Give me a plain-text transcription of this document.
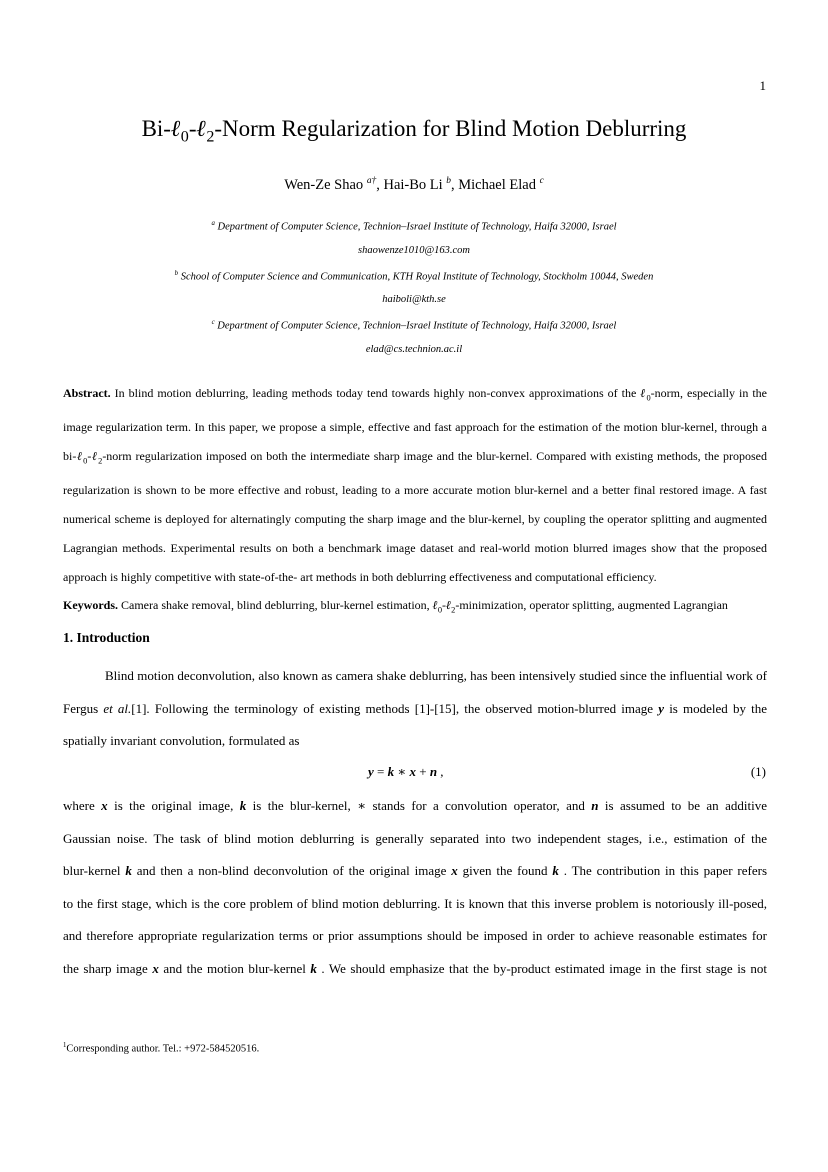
1
Bi-ℓ$_0$-ℓ$_2$-Norm Regularization for Blind Motion Deblurring
Wen-Ze Shao $^{a\dagger}$, Hai-Bo Li $^b$, Michael Elad $^c$
$^a$ Department of Computer Science, Technion–Israel Institute of Technology, Haifa 32000, Israel
shaowenze1010@163.com
$^b$ School of Computer Science and Communication, KTH Royal Institute of Technology, Stockholm 10044, Sweden
haiboli@kth.se
$^c$ Department of Computer Science, Technion–Israel Institute of Technology, Haifa 32000, Israel
elad@cs.technion.ac.il
Abstract. In blind motion deblurring, leading methods today tend towards highly non-convex approximations of the ℓ$_0$-norm, especially in the
image regularization term. In this paper, we propose a simple, effective and fast approach for the estimation of the motion blur-kernel, through a
bi-ℓ$_0$-ℓ$_2$-norm regularization imposed on both the intermediate sharp image and the blur-kernel. Compared with existing methods, the proposed
regularization is shown to be more effective and robust, leading to a more accurate motion blur-kernel and a better final restored image. A fast
numerical scheme is deployed for alternatingly computing the sharp image and the blur-kernel, by coupling the operator splitting and augmented
Lagrangian methods. Experimental results on both a benchmark image dataset and real-world motion blurred images show that the proposed
approach is highly competitive with state-of-the- art methods in both deblurring effectiveness and computational efficiency.
Keywords. Camera shake removal, blind deblurring, blur-kernel estimation, ℓ$_0$-ℓ$_2$-minimization, operator splitting, augmented Lagrangian
1. Introduction
Blind motion deconvolution, also known as camera shake deblurring, has been intensively studied since the influential work of
Fergus et al.[1]. Following the terminology of existing methods [1]-[15], the observed motion-blurred image y is modeled by the
spatially invariant convolution, formulated as
y = k ∗ x + n ,	(1)
where x is the original image, k is the blur-kernel, ∗ stands for a convolution operator, and n is assumed to be an additive
Gaussian noise. The task of blind motion deblurring is generally separated into two independent stages, i.e., estimation of the
blur-kernel k and then a non-blind deconvolution of the original image x given the found k . The contribution in this paper refers
to the first stage, which is the core problem of blind motion deblurring. It is known that this inverse problem is notoriously ill-posed,
and therefore appropriate regularization terms or prior assumptions should be imposed in order to achieve reasonable estimates for
the sharp image x and the motion blur-kernel k . We should emphasize that the by-product estimated image in the first stage is not
$^1$Corresponding author. Tel.: +972-584520516.
